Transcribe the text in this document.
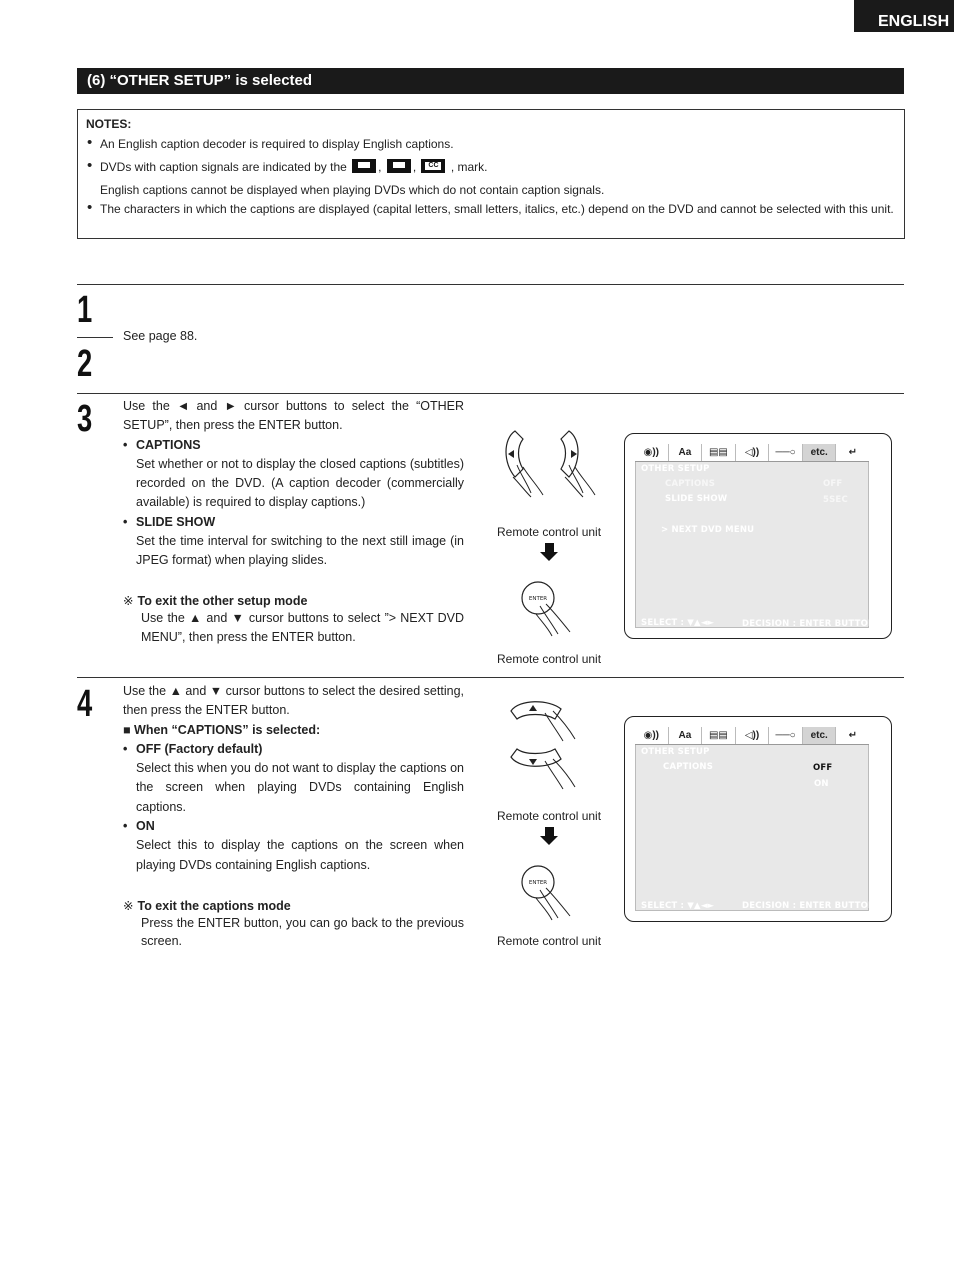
ENGLISH
(6) “OTHER SETUP” is selected
NOTES:
• An English caption decoder is required to display English captions.
• DVDs with caption signals are indicated by the	,
,	CC , mark.
English captions cannot be displayed when playing DVDs which do not contain caption signals.
• The characters in which the captions are displayed (capital letters, small letters, italics, etc.) depend on the DVD and cannot be selected with this unit.
1
2
3
4
See page 88.
Use the ◄ and ► cursor buttons to select the “OTHER SETUP”, then press the ENTER button.
• CAPTIONS
Set whether or not to display the closed captions (subtitles) recorded on the DVD. (A caption decoder (commercially available) is required to display captions.)
• SLIDE SHOW
Set the time interval for switching to the next still image (in JPEG format) when playing slides.
※ To exit the other setup mode
Use the ▲ and ▼ cursor buttons to select ”> NEXT DVD MENU”, then press the ENTER button.
Remote control unit
ENTER
Remote control unit
◉))	Aa	▤▤	◁))	──○	etc.	↵
OTHER SETUP
CAPTIONS	OFF
SLIDE SHOW	5SEC
> NEXT DVD MENU
SELECT : ▼▲◄►	DECISION : ENTER BUTTON
Use the ▲ and ▼ cursor buttons to select the desired setting, then press the ENTER button.
■ When “CAPTIONS” is selected:
• OFF (Factory default)
Select this when you do not want to display the captions on the screen when playing DVDs containing English captions.
• ON
Select this to display the captions on the screen when playing DVDs containing English captions.
※ To exit the captions mode
Press the ENTER button, you can go back to the previous screen.
Remote control unit
ENTER
Remote control unit
◉))	Aa	▤▤	◁))	──○	etc.	↵
OTHER SETUP
CAPTIONS	OFF
ON
SELECT : ▼▲◄►	DECISION : ENTER BUTTON
